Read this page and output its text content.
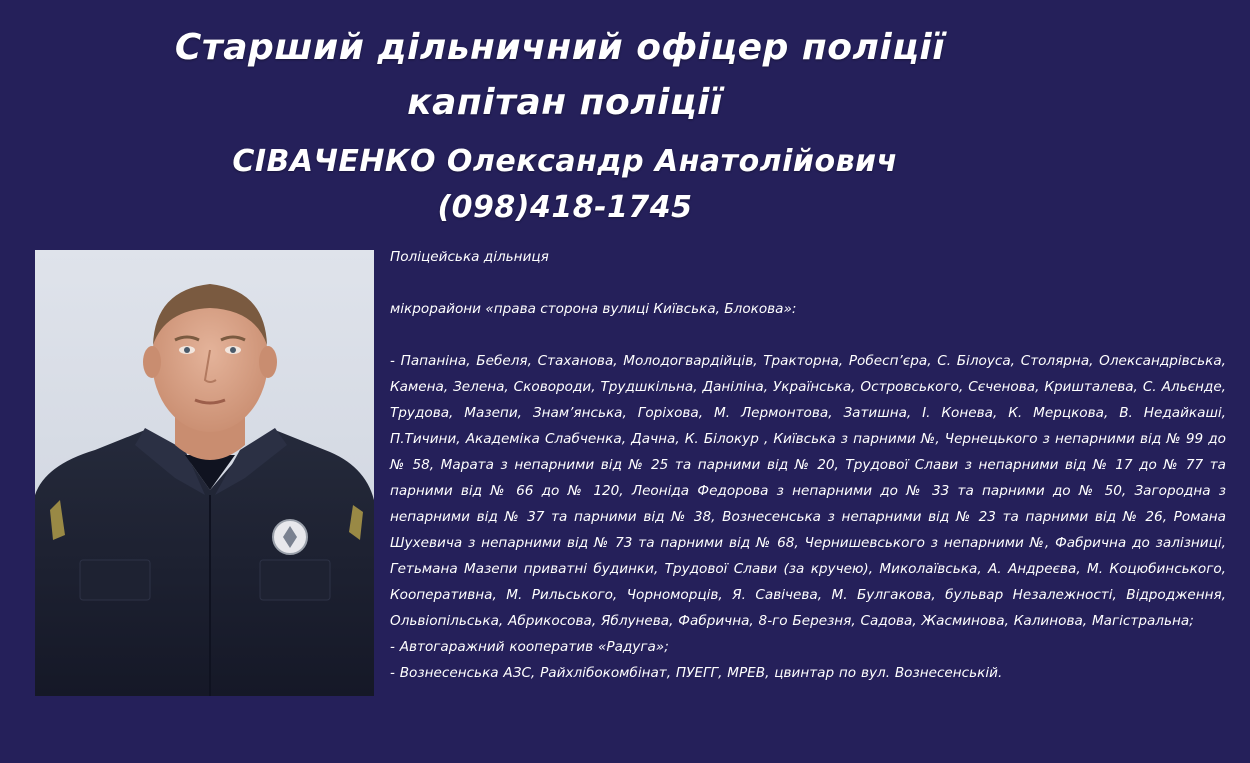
Старший дільничний офіцер поліції
капітан поліції
СІВАЧЕНКО Олександр Анатолійович
(098)418-1745

Поліцейська дільниця

мікрорайони «права сторона вулиці Київська, Блокова»:

- Папаніна, Бебеля, Стаханова, Молодогвардійців, Тракторна, Робесп’єра, С. Білоуса, Столярна, Олександрівська, Камена, Зелена, Сковороди, Трудшкільна, Даніліна, Українська, Островського, Сєченова, Кришталева, С. Альєнде, Трудова, Мазепи, Знам’янська, Горіхова, М. Лермонтова, Затишна, І. Конева, К. Мерцкова, В. Недайкаші, П.Тичини, Академіка Слабченка, Дачна, К. Білокур , Київська з парними №, Чернецького з непарними від № 99 до № 58, Марата з непарними від № 25 та парними від № 20, Трудової Слави з непарними від № 17 до № 77 та парними від № 66 до № 120, Леоніда Федорова з непарними до № 33 та парними до № 50, Загородна з непарними від № 37 та парними від № 38, Вознесенська з непарними від № 23 та парними від № 26, Романа Шухевича з непарними від № 73 та парними від № 68, Чернишевського з непарними №, Фабрична до залізниці, Гетьмана Мазепи приватні будинки, Трудової Слави (за кручею), Миколаївська, А. Андреєва, М. Коцюбинського, Кооперативна, М. Рильського, Чорноморців, Я. Савічева, М. Булгакова, бульвар Незалежності, Відродження, Ольвіопільська, Абрикосова, Яблунева, Фабрична, 8-го Березня, Садова, Жасминова, Калинова, Магістральна;
- Автогаражний кооператив «Радуга»;
- Вознесенська АЗС, Райхлібокомбінат, ПУЕГГ, МРЕВ, цвинтар по вул. Вознесенській.
